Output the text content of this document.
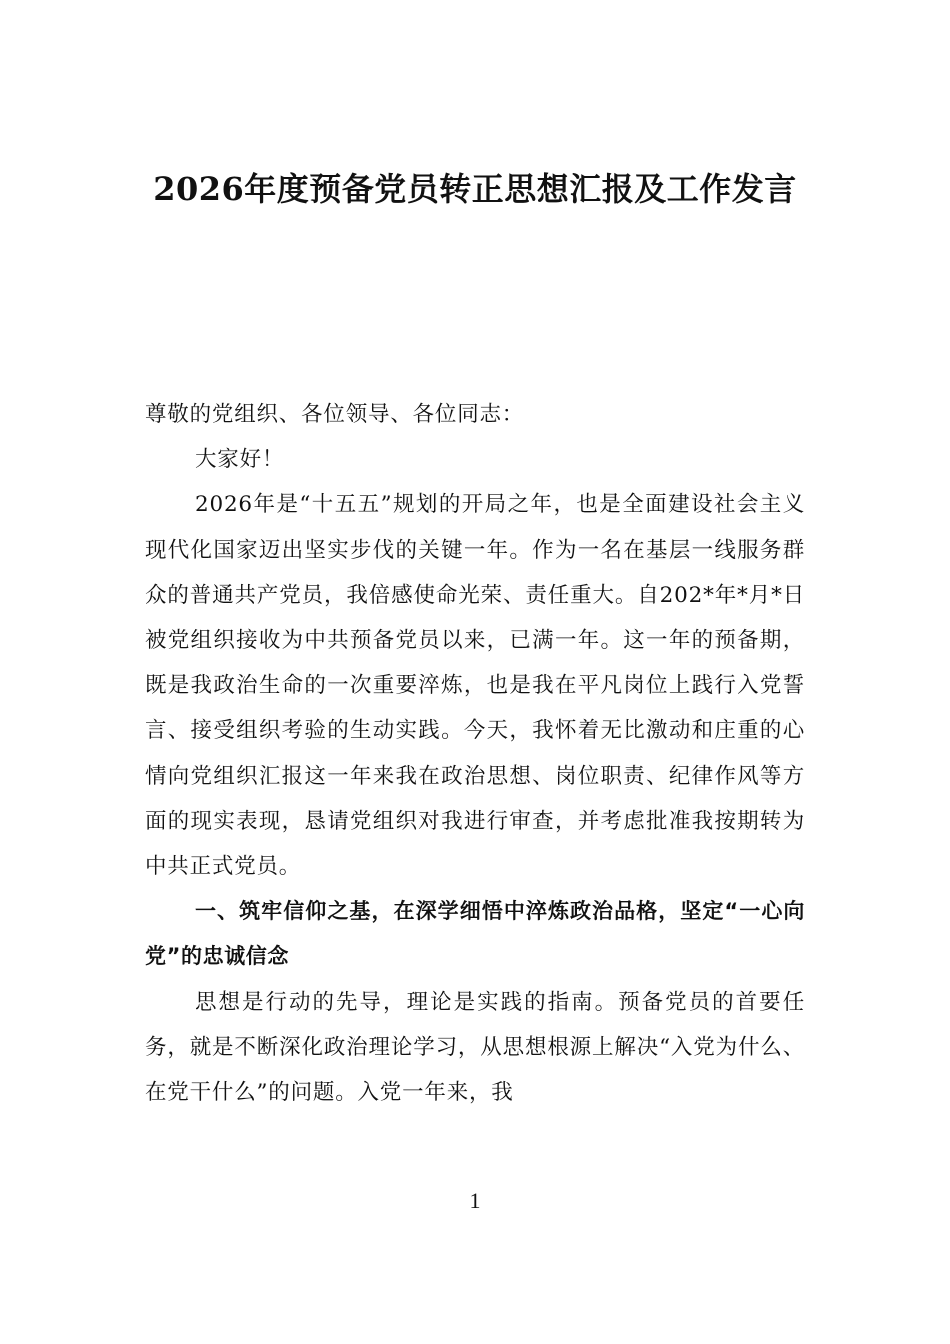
2026年度预备党员转正思想汇报及工作发言

尊敬的党组织、各位领导、各位同志：

大家好！

2026年是“十五五”规划的开局之年，也是全面建设社会主义现代化国家迈出坚实步伐的关键一年。作为一名在基层一线服务群众的普通共产党员，我倍感使命光荣、责任重大。自202*年*月*日被党组织接收为中共预备党员以来，已满一年。这一年的预备期，既是我政治生命的一次重要淬炼，也是我在平凡岗位上践行入党誓言、接受组织考验的生动实践。今天，我怀着无比激动和庄重的心情向党组织汇报这一年来我在政治思想、岗位职责、纪律作风等方面的现实表现，恳请党组织对我进行审查，并考虑批准我按期转为中共正式党员。

一、筑牢信仰之基，在深学细悟中淬炼政治品格，坚定“一心向党”的忠诚信念

思想是行动的先导，理论是实践的指南。预备党员的首要任务，就是不断深化政治理论学习，从思想根源上解决“入党为什么、在党干什么”的问题。入党一年来，我

1
